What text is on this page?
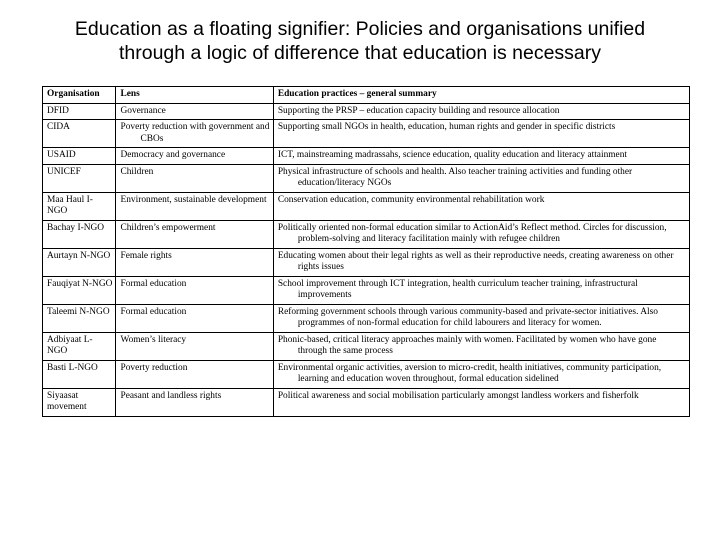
Education as a floating signifier: Policies and organisations unified
through a logic of difference that education is necessary
Organisation	Lens	Education practices – general summary
DFID	Governance	Supporting the PRSP – education capacity building and resource allocation
CIDA	Poverty reduction with government and CBOs	Supporting small NGOs in health, education, human rights and gender in specific districts
USAID	Democracy and governance	ICT, mainstreaming madrassahs, science education, quality education and literacy attainment
UNICEF	Children	Physical infrastructure of schools and health. Also teacher training activities and funding other education/literacy NGOs
Maa Haul I-NGO	Environment, sustainable development	Conservation education, community environmental rehabilitation work
Bachay I-NGO	Children’s empowerment	Politically oriented non-formal education similar to ActionAid’s Reflect method. Circles for discussion, problem-solving and literacy facilitation mainly with refugee children
Aurtayn N-NGO	Female rights	Educating women about their legal rights as well as their reproductive needs, creating awareness on other rights issues
Fauqiyat N-NGO	Formal education	School improvement through ICT integration, health curriculum teacher training, infrastructural improvements
Taleemi N-NGO	Formal education	Reforming government schools through various community-based and private-sector initiatives. Also programmes of non-formal education for child labourers and literacy for women.
Adbiyaat L-NGO	Women’s literacy	Phonic-based, critical literacy approaches mainly with women. Facilitated by women who have gone through the same process
Basti L-NGO	Poverty reduction	Environmental organic activities, aversion to micro-credit, health initiatives, community participation, learning and education woven throughout, formal education sidelined
Siyaasat movement	Peasant and landless rights	Political awareness and social mobilisation particularly amongst landless workers and fisherfolk
